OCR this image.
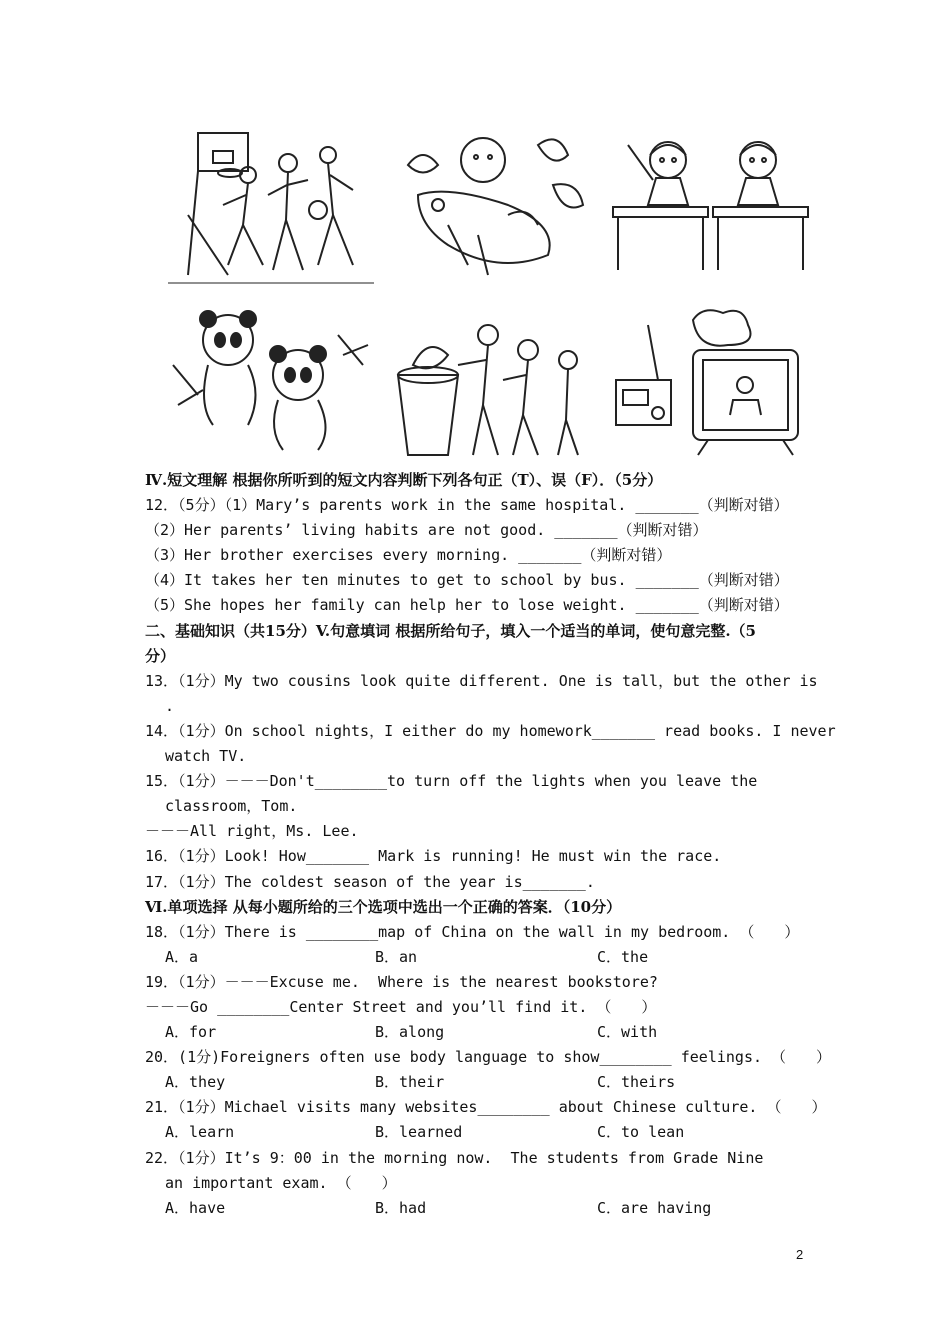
Ⅳ.短文理解 根据你所听到的短文内容判断下列各句正（T）、误（F）．（5分）
12．（5分）（1）Mary’s parents work in the same hospital. _______（判断对错）
（2）Her parents’ living habits are not good. _______（判断对错）
（3）Her brother exercises every morning. _______（判断对错）
（4）It takes her ten minutes to get to school by bus. _______（判断对错）
（5）She hopes her family can help her to lose weight. _______（判断对错）
二、基础知识（共15分）V.句意填词 根据所给句子，填入一个适当的单词，使句意完整.（5
分）
13．（1分）My two cousins look quite different. One is tall，but the other is
.
14．（1分）On school nights，I either do my homework_______ read books. I never
watch TV.
15．（1分）－－－Don't________to turn off the lights when you leave the
classroom，Tom.
－－－All right，Ms. Lee.
16．（1分）Look! How_______ Mark is running! He must win the race.
17．（1分）The coldest season of the year is_______.
Ⅵ.单项选择 从每小题所给的三个选项中选出一个正确的答案．（10分）
18．（1分）There is ________map of China on the wall in my bedroom. （　　）
A．a	B．an	C．the
19．（1分）－－－Excuse me.  Where is the nearest bookstore?
－－－Go ________Center Street and you’ll find it. （　　）
A．for	B．along	C．with
20．(1分)Foreigners often use body language to show________ feelings. （　　）
A．they	B．their	C．theirs
21．（1分）Michael visits many websites________ about Chinese culture. （　　）
A．learn	B．learned	C．to lean
22．（1分）It’s 9：00 in the morning now.  The students from Grade Nine
an important exam. （　　）
A．have	B．had	C．are having
2
